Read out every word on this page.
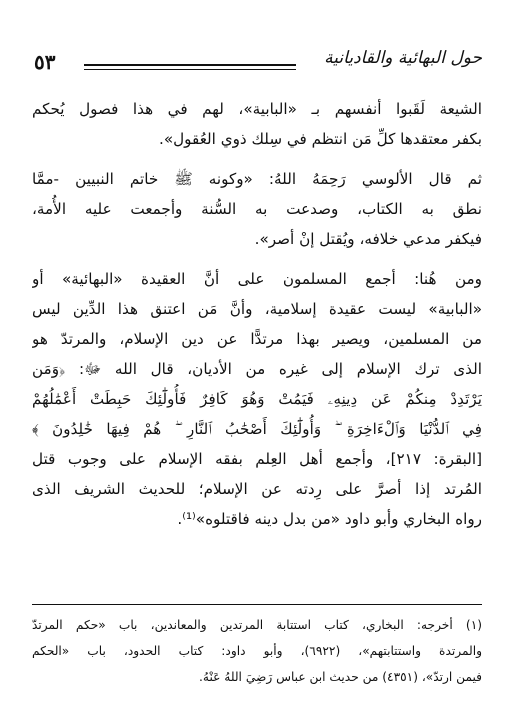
٥٣	حول البهائية والقاديانية
الشيعة لَقَبوا أنفسهم بـ «البابية»، لهم في هذا فصول يُحكم
بكفر معتقدها كلِّ مَن انتظم في سِلك ذوي العُقول».
ثم قال الألوسي رَحِمَهُ اللهُ: «وكونه ﷺ خاتم النبيين -ممَّا
نطق به الكتاب، وصدعت به السُّنة وأجمعت عليه الأُمة،
فيكفر مدعي خلافه، ويُقتل إنْ أصر».
ومن هُنا: أجمع المسلمون على أنَّ العقيدة «البهائية» أو
«البابية» ليست عقيدة إسلامية، وأنَّ مَن اعتنق هذا الدِّين ليس
من المسلمين، ويصير بهذا مرتدًّا عن دين الإسلام، والمرتدّ هو
الذى ترك الإسلام إلى غيره من الأديان، قال الله ﷻ: ﴿وَمَن
يَرْتَدِدْ مِنكُمْ عَن دِينِهِۦ فَيَمُتْ وَهُوَ كَافِرٌ فَأُولَٰٓئِكَ حَبِطَتْ أَعْمَٰلُهُمْ
فِي ٱلدُّنْيَا وَٱلْءَاخِرَةِ ۖ وَأُولَٰٓئِكَ أَصْحَٰبُ ٱلنَّارِ ۖ هُمْ فِيهَا خَٰلِدُونَ ﴾
[البقرة: ٢١٧]، وأجمع أهل العِلم بفقه الإسلام على وجوب قتل
المُرتد إذا أصرَّ على رِدته عن الإسلام؛ للحديث الشريف الذى
رواه البخاري وأبو داود «من بدل دينه فاقتلوه»⁽¹⁾.
(١) أخرجه: البخاري، كتاب استتابة المرتدين والمعاندين، باب «حكم المرتدّ
والمرتدة واستتابتهم»، (٦٩٢٢)، وأبو داود: كتاب الحدود، باب «الحكم
فيمن ارتدّ»، (٤٣٥١) من حديث ابن عباس رَضِيَ اللهُ عَنْهُ.
